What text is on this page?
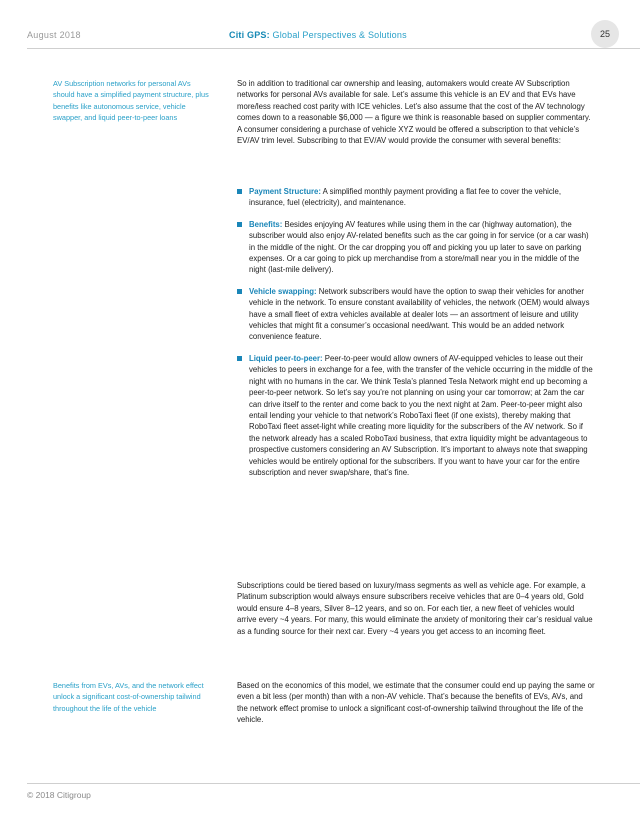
August 2018	Citi GPS: Global Perspectives & Solutions	25
AV Subscription networks for personal AVs should have a simplified payment structure, plus benefits like autonomous service, vehicle swapper, and liquid peer-to-peer loans
Benefits from EVs, AVs, and the network effect unlock a significant cost-of-ownership tailwind throughout the life of the vehicle
So in addition to traditional car ownership and leasing, automakers would create AV Subscription networks for personal AVs available for sale. Let’s assume this vehicle is an EV and that EVs have more/less reached cost parity with ICE vehicles. Let’s also assume that the cost of the AV technology comes down to a reasonable $6,000 — a figure we think is reasonable based on supplier commentary. A consumer considering a purchase of vehicle XYZ would be offered a subscription to that vehicle’s EV/AV trim level. Subscribing to that EV/AV would provide the consumer with several benefits:
Payment Structure: A simplified monthly payment providing a flat fee to cover the vehicle, insurance, fuel (electricity), and maintenance.
Benefits: Besides enjoying AV features while using them in the car (highway automation), the subscriber would also enjoy AV-related benefits such as the car going in for service (or a car wash) in the middle of the night. Or the car dropping you off and picking you up later to save on parking expenses. Or a car going to pick up merchandise from a store/mall near you in the middle of the night (last-mile delivery).
Vehicle swapping: Network subscribers would have the option to swap their vehicles for another vehicle in the network. To ensure constant availability of vehicles, the network (OEM) would always have a small fleet of extra vehicles available at dealer lots — an assortment of leisure and utility vehicles that might fit a consumer’s occasional need/want. This would be an added network convenience feature.
Liquid peer-to-peer: Peer-to-peer would allow owners of AV-equipped vehicles to lease out their vehicles to peers in exchange for a fee, with the transfer of the vehicle occurring in the middle of the night with no humans in the car. We think Tesla’s planned Tesla Network might end up becoming a peer-to-peer network. So let’s say you’re not planning on using your car tomorrow; at 2am the car can drive itself to the renter and come back to you the next night at 2am. Peer-to-peer might also entail lending your vehicle to that network’s RoboTaxi fleet (if one exists), thereby making that RoboTaxi fleet asset-light while creating more liquidity for the subscribers of the AV network. So if the network already has a scaled RoboTaxi business, that extra liquidity might be advantageous to prospective customers considering an AV Subscription. It’s important to always note that swapping vehicles would be entirely optional for the subscribers. If you want to have your car for the entire subscription and never swap/share, that’s fine.
Subscriptions could be tiered based on luxury/mass segments as well as vehicle age. For example, a Platinum subscription would always ensure subscribers receive vehicles that are 0–4 years old, Gold would ensure 4–8 years, Silver 8–12 years, and so on. For each tier, a new fleet of vehicles would arrive every ~4 years. For many, this would eliminate the anxiety of monitoring their car’s residual value as a funding source for their next car. Every ~4 years you get access to an incoming fleet.
Based on the economics of this model, we estimate that the consumer could end up paying the same or even a bit less (per month) than with a non-AV vehicle. That’s because the benefits of EVs, AVs, and the network effect promise to unlock a significant cost-of-ownership tailwind throughout the life of the vehicle.
© 2018 Citigroup
